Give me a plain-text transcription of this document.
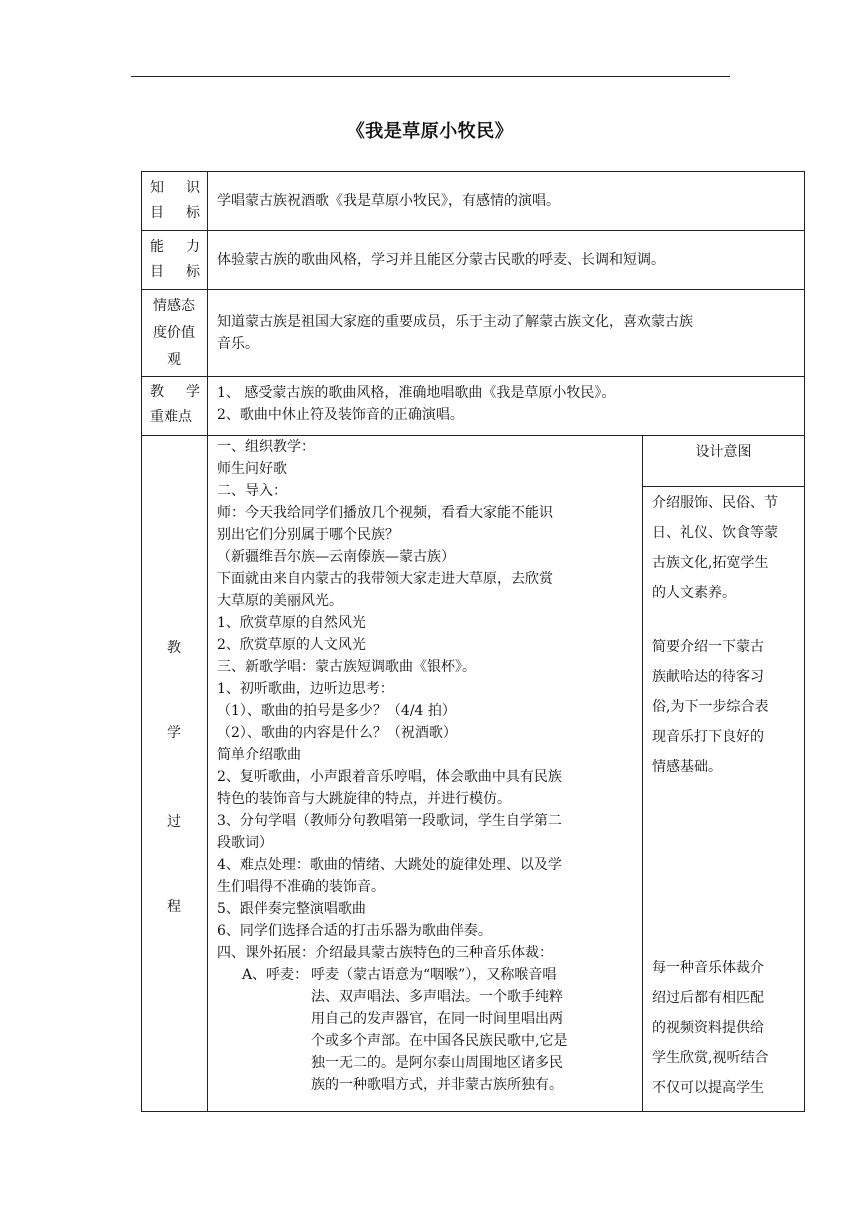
《我是草原小牧民》
知 识
目 标
学唱蒙古族祝酒歌《我是草原小牧民》，有感情的演唱。
能 力
目 标
体验蒙古族的歌曲风格，学习并且能区分蒙古民歌的呼麦、长调和短调。
情感态
度价值
观
知道蒙古族是祖国大家庭的重要成员，乐于主动了解蒙古族文化，喜欢蒙古族
音乐。
教 学
重难点
1、 感受蒙古族的歌曲风格，准确地唱歌曲《我是草原小牧民》。
2、歌曲中休止符及装饰音的正确演唱。
教
学
过
程
一、组织教学：
师生问好歌
二、导入：
师：今天我给同学们播放几个视频，看看大家能不能识
别出它们分别属于哪个民族？
（新疆维吾尔族—云南傣族—蒙古族）
下面就由来自内蒙古的我带领大家走进大草原，去欣赏
大草原的美丽风光。
1、欣赏草原的自然风光
2、欣赏草原的人文风光
三、新歌学唱：蒙古族短调歌曲《银杯》。
1、初听歌曲，边听边思考：
（1）、歌曲的拍号是多少？（4/4 拍）
（2）、歌曲的内容是什么？（祝酒歌）
简单介绍歌曲
2、复听歌曲，小声跟着音乐哼唱，体会歌曲中具有民族
特色的装饰音与大跳旋律的特点，并进行模仿。
3、分句学唱（教师分句教唱第一段歌词，学生自学第二
段歌词）
4、难点处理：歌曲的情绪、大跳处的旋律处理、以及学
生们唱得不准确的装饰音。
5、跟伴奏完整演唱歌曲
6、同学们选择合适的打击乐器为歌曲伴奏。
四、课外拓展：介绍最具蒙古族特色的三种音乐体裁：
A、呼麦： 呼麦（蒙古语意为“咽喉”），又称喉音唱
法、双声唱法、多声唱法。一个歌手纯粹
用自己的发声器官，在同一时间里唱出两
个或多个声部。在中国各民族民歌中,它是
独一无二的。是阿尔泰山周围地区诸多民
族的一种歌唱方式，并非蒙古族所独有。
设计意图
介绍服饰、民俗、节
日、礼仪、饮食等蒙
古族文化,拓宽学生
的人文素养。
简要介绍一下蒙古
族献哈达的待客习
俗,为下一步综合表
现音乐打下良好的
情感基础。
每一种音乐体裁介
绍过后都有相匹配
的视频资料提供给
学生欣赏,视听结合
不仅可以提高学生
